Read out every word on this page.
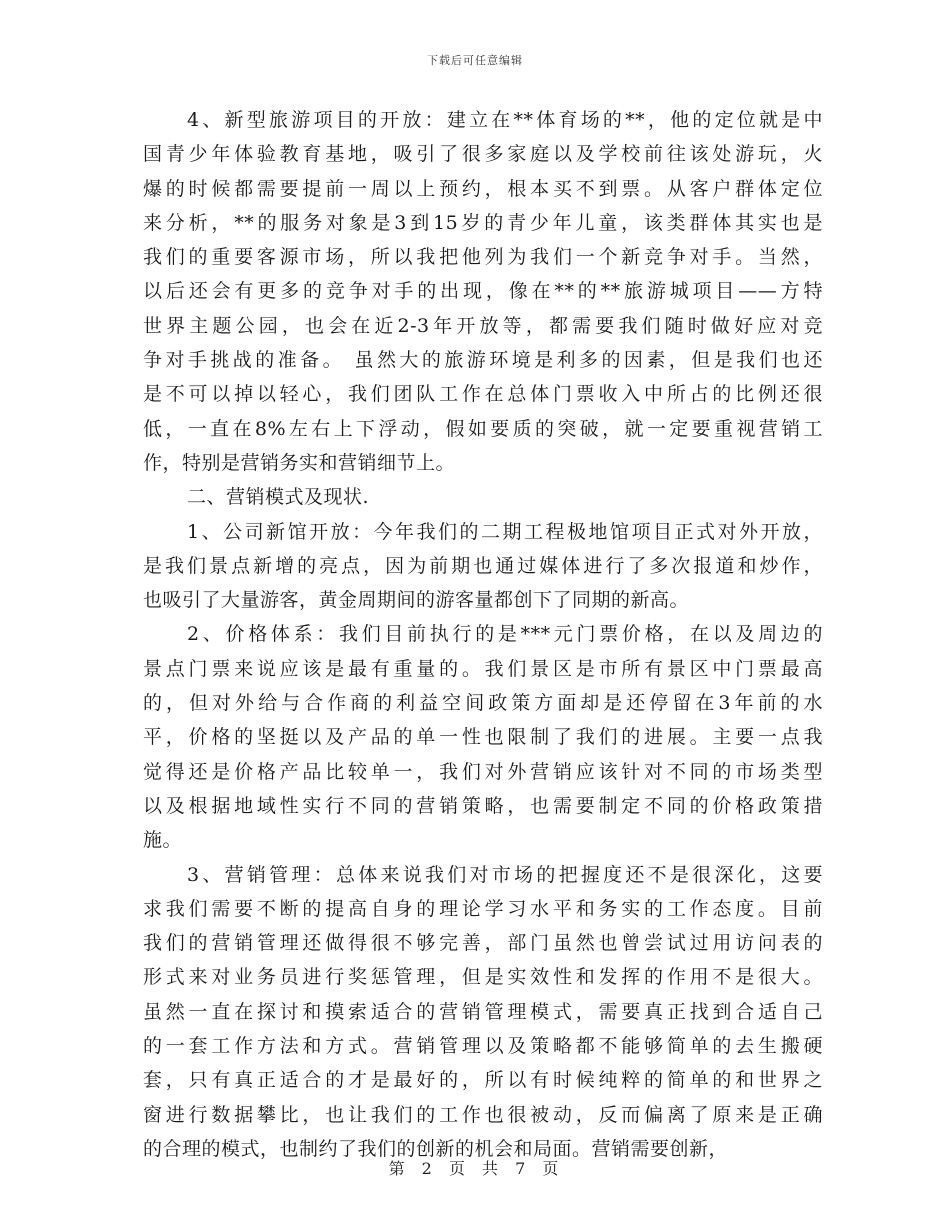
下载后可任意编辑
4、新型旅游项目的开放：建立在**体育场的**，他的定位就是中
国青少年体验教育基地，吸引了很多家庭以及学校前往该处游玩，火
爆的时候都需要提前一周以上预约，根本买不到票。从客户群体定位
来分析，**的服务对象是3到15岁的青少年儿童，该类群体其实也是
我们的重要客源市场，所以我把他列为我们一个新竞争对手。当然，
以后还会有更多的竞争对手的出现，像在**的**旅游城项目——方特
世界主题公园，也会在近2-3年开放等，都需要我们随时做好应对竞
争对手挑战的准备。 虽然大的旅游环境是利多的因素，但是我们也还
是不可以掉以轻心，我们团队工作在总体门票收入中所占的比例还很
低，一直在8%左右上下浮动，假如要质的突破，就一定要重视营销工
作，特别是营销务实和营销细节上。
二、营销模式及现状.
1、公司新馆开放：今年我们的二期工程极地馆项目正式对外开放，
是我们景点新增的亮点，因为前期也通过媒体进行了多次报道和炒作，
也吸引了大量游客，黄金周期间的游客量都创下了同期的新高。
2、价格体系：我们目前执行的是***元门票价格，在以及周边的
景点门票来说应该是最有重量的。我们景区是市所有景区中门票最高
的，但对外给与合作商的利益空间政策方面却是还停留在3年前的水
平，价格的坚挺以及产品的单一性也限制了我们的进展。主要一点我
觉得还是价格产品比较单一，我们对外营销应该针对不同的市场类型
以及根据地域性实行不同的营销策略，也需要制定不同的价格政策措
施。
3、营销管理：总体来说我们对市场的把握度还不是很深化，这要
求我们需要不断的提高自身的理论学习水平和务实的工作态度。目前
我们的营销管理还做得很不够完善，部门虽然也曾尝试过用访问表的
形式来对业务员进行奖惩管理，但是实效性和发挥的作用不是很大。
虽然一直在探讨和摸索适合的营销管理模式，需要真正找到合适自己
的一套工作方法和方式。营销管理以及策略都不能够简单的去生搬硬
套，只有真正适合的才是最好的，所以有时候纯粹的简单的和世界之
窗进行数据攀比，也让我们的工作也很被动，反而偏离了原来是正确
的合理的模式，也制约了我们的创新的机会和局面。营销需要创新，
第 2 页 共 7 页
